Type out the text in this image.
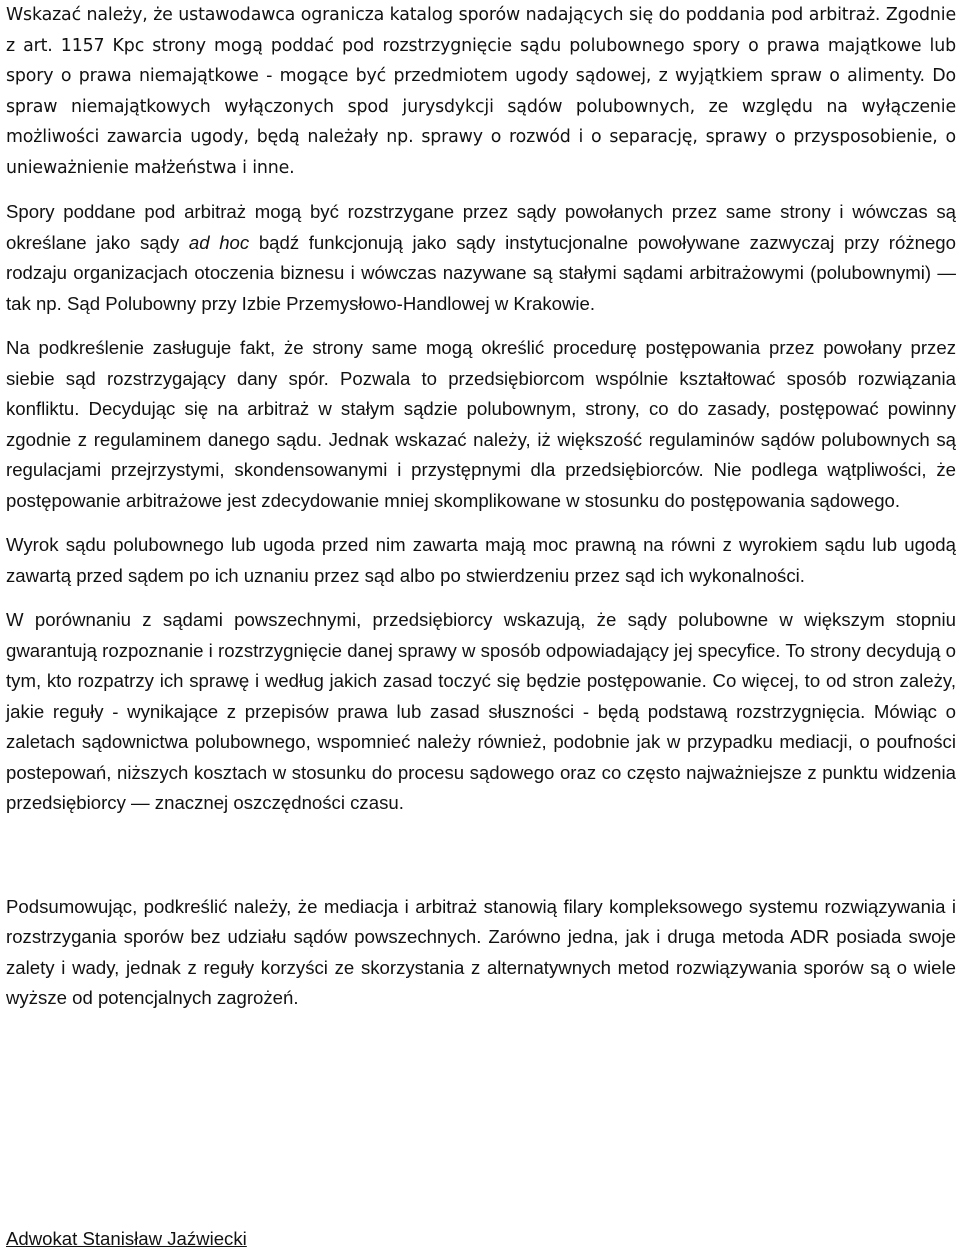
Wskazać należy, że ustawodawca ogranicza katalog sporów nadających się do poddania pod arbitraż. Zgodnie z art. 1157 Kpc strony mogą poddać pod rozstrzygnięcie sądu polubownego spory o prawa majątkowe lub spory o prawa niemajątkowe - mogące być przedmiotem ugody sądowej, z wyjątkiem spraw o alimenty. Do spraw niemajątkowych wyłączonych spod jurysdykcji sądów polubownych, ze względu na wyłączenie możliwości zawarcia ugody, będą należały np. sprawy o rozwód i o separację, sprawy o przysposobienie, o unieważnienie małżeństwa i inne.

Spory poddane pod arbitraż mogą być rozstrzygane przez sądy powołanych przez same strony i wówczas są określane jako sądy ad hoc bądź funkcjonują jako sądy instytucjonalne powoływane zazwyczaj przy różnego rodzaju organizacjach otoczenia biznesu i wówczas nazywane są stałymi sądami arbitrażowymi (polubownymi) — tak np. Sąd Polubowny przy Izbie Przemysłowo-Handlowej w Krakowie.

Na podkreślenie zasługuje fakt, że strony same mogą określić procedurę postępowania przez powołany przez siebie sąd rozstrzygający dany spór. Pozwala to przedsiębiorcom wspólnie kształtować sposób rozwiązania konfliktu. Decydując się na arbitraż w stałym sądzie polubownym, strony, co do zasady, postępować powinny zgodnie z regulaminem danego sądu. Jednak wskazać należy, iż większość regulaminów sądów polubownych są regulacjami przejrzystymi, skondensowanymi i przystępnymi dla przedsiębiorców. Nie podlega wątpliwości, że postępowanie arbitrażowe jest zdecydowanie mniej skomplikowane w stosunku do postępowania sądowego.

Wyrok sądu polubownego lub ugoda przed nim zawarta mają moc prawną na równi z wyrokiem sądu lub ugodą zawartą przed sądem po ich uznaniu przez sąd albo po stwierdzeniu przez sąd ich wykonalności.

W porównaniu z sądami powszechnymi, przedsiębiorcy wskazują, że sądy polubowne w większym stopniu gwarantują rozpoznanie i rozstrzygnięcie danej sprawy w sposób odpowiadający jej specyfice. To strony decydują o tym, kto rozpatrzy ich sprawę i według jakich zasad toczyć się będzie postępowanie. Co więcej, to od stron zależy, jakie reguły - wynikające z przepisów prawa lub zasad słuszności - będą podstawą rozstrzygnięcia. Mówiąc o zaletach sądownictwa polubownego, wspomnieć należy również, podobnie jak w przypadku mediacji, o poufności postepowań, niższych kosztach w stosunku do procesu sądowego oraz co często najważniejsze z punktu widzenia przedsiębiorcy — znacznej oszczędności czasu.

Podsumowując, podkreślić należy, że mediacja i arbitraż stanowią filary kompleksowego systemu rozwiązywania i rozstrzygania sporów bez udziału sądów powszechnych. Zarówno jedna, jak i druga metoda ADR posiada swoje zalety i wady, jednak z reguły korzyści ze skorzystania z alternatywnych metod rozwiązywania sporów są o wiele wyższe od potencjalnych zagrożeń.

Adwokat Stanisław Jaźwiecki
